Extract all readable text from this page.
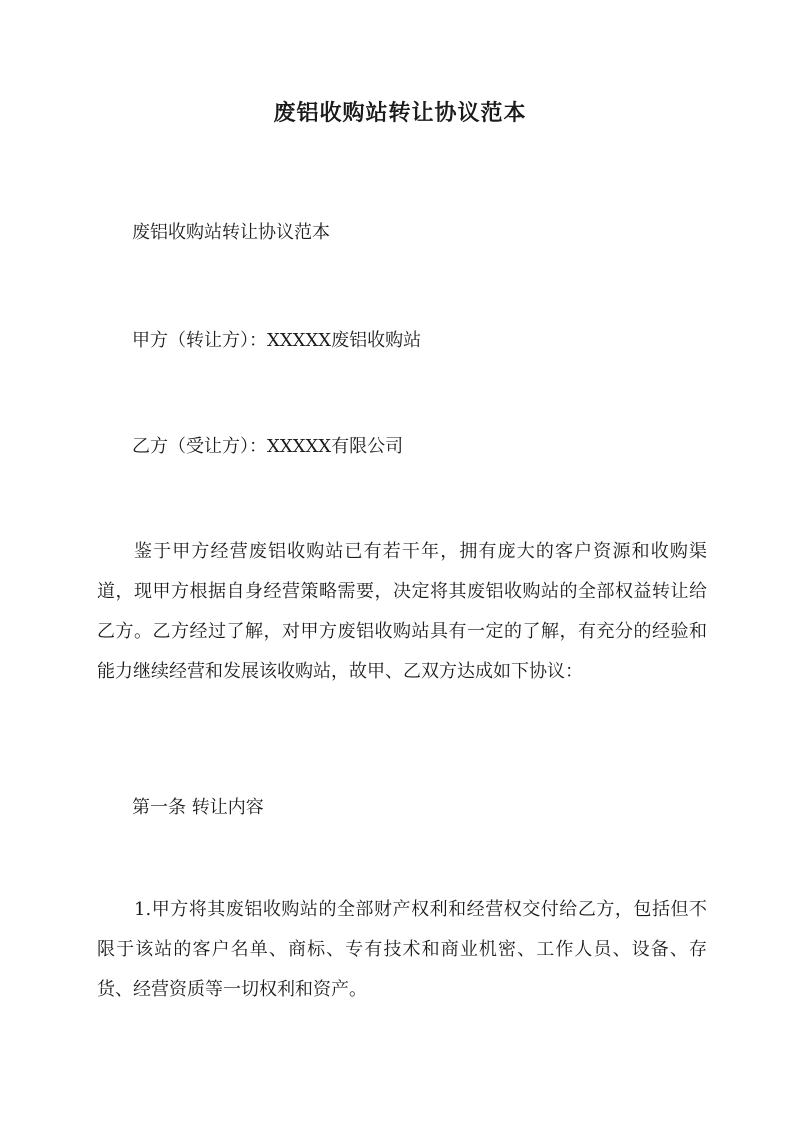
废铝收购站转让协议范本
废铝收购站转让协议范本
甲方（转让方）：XXXXX废铝收购站
乙方（受让方）：XXXXX有限公司
鉴于甲方经营废铝收购站已有若干年，拥有庞大的客户资源和收购渠道，现甲方根据自身经营策略需要，决定将其废铝收购站的全部权益转让给乙方。乙方经过了解，对甲方废铝收购站具有一定的了解，有充分的经验和能力继续经营和发展该收购站，故甲、乙双方达成如下协议：
第一条 转让内容
1.甲方将其废铝收购站的全部财产权利和经营权交付给乙方，包括但不限于该站的客户名单、商标、专有技术和商业机密、工作人员、设备、存货、经营资质等一切权利和资产。
